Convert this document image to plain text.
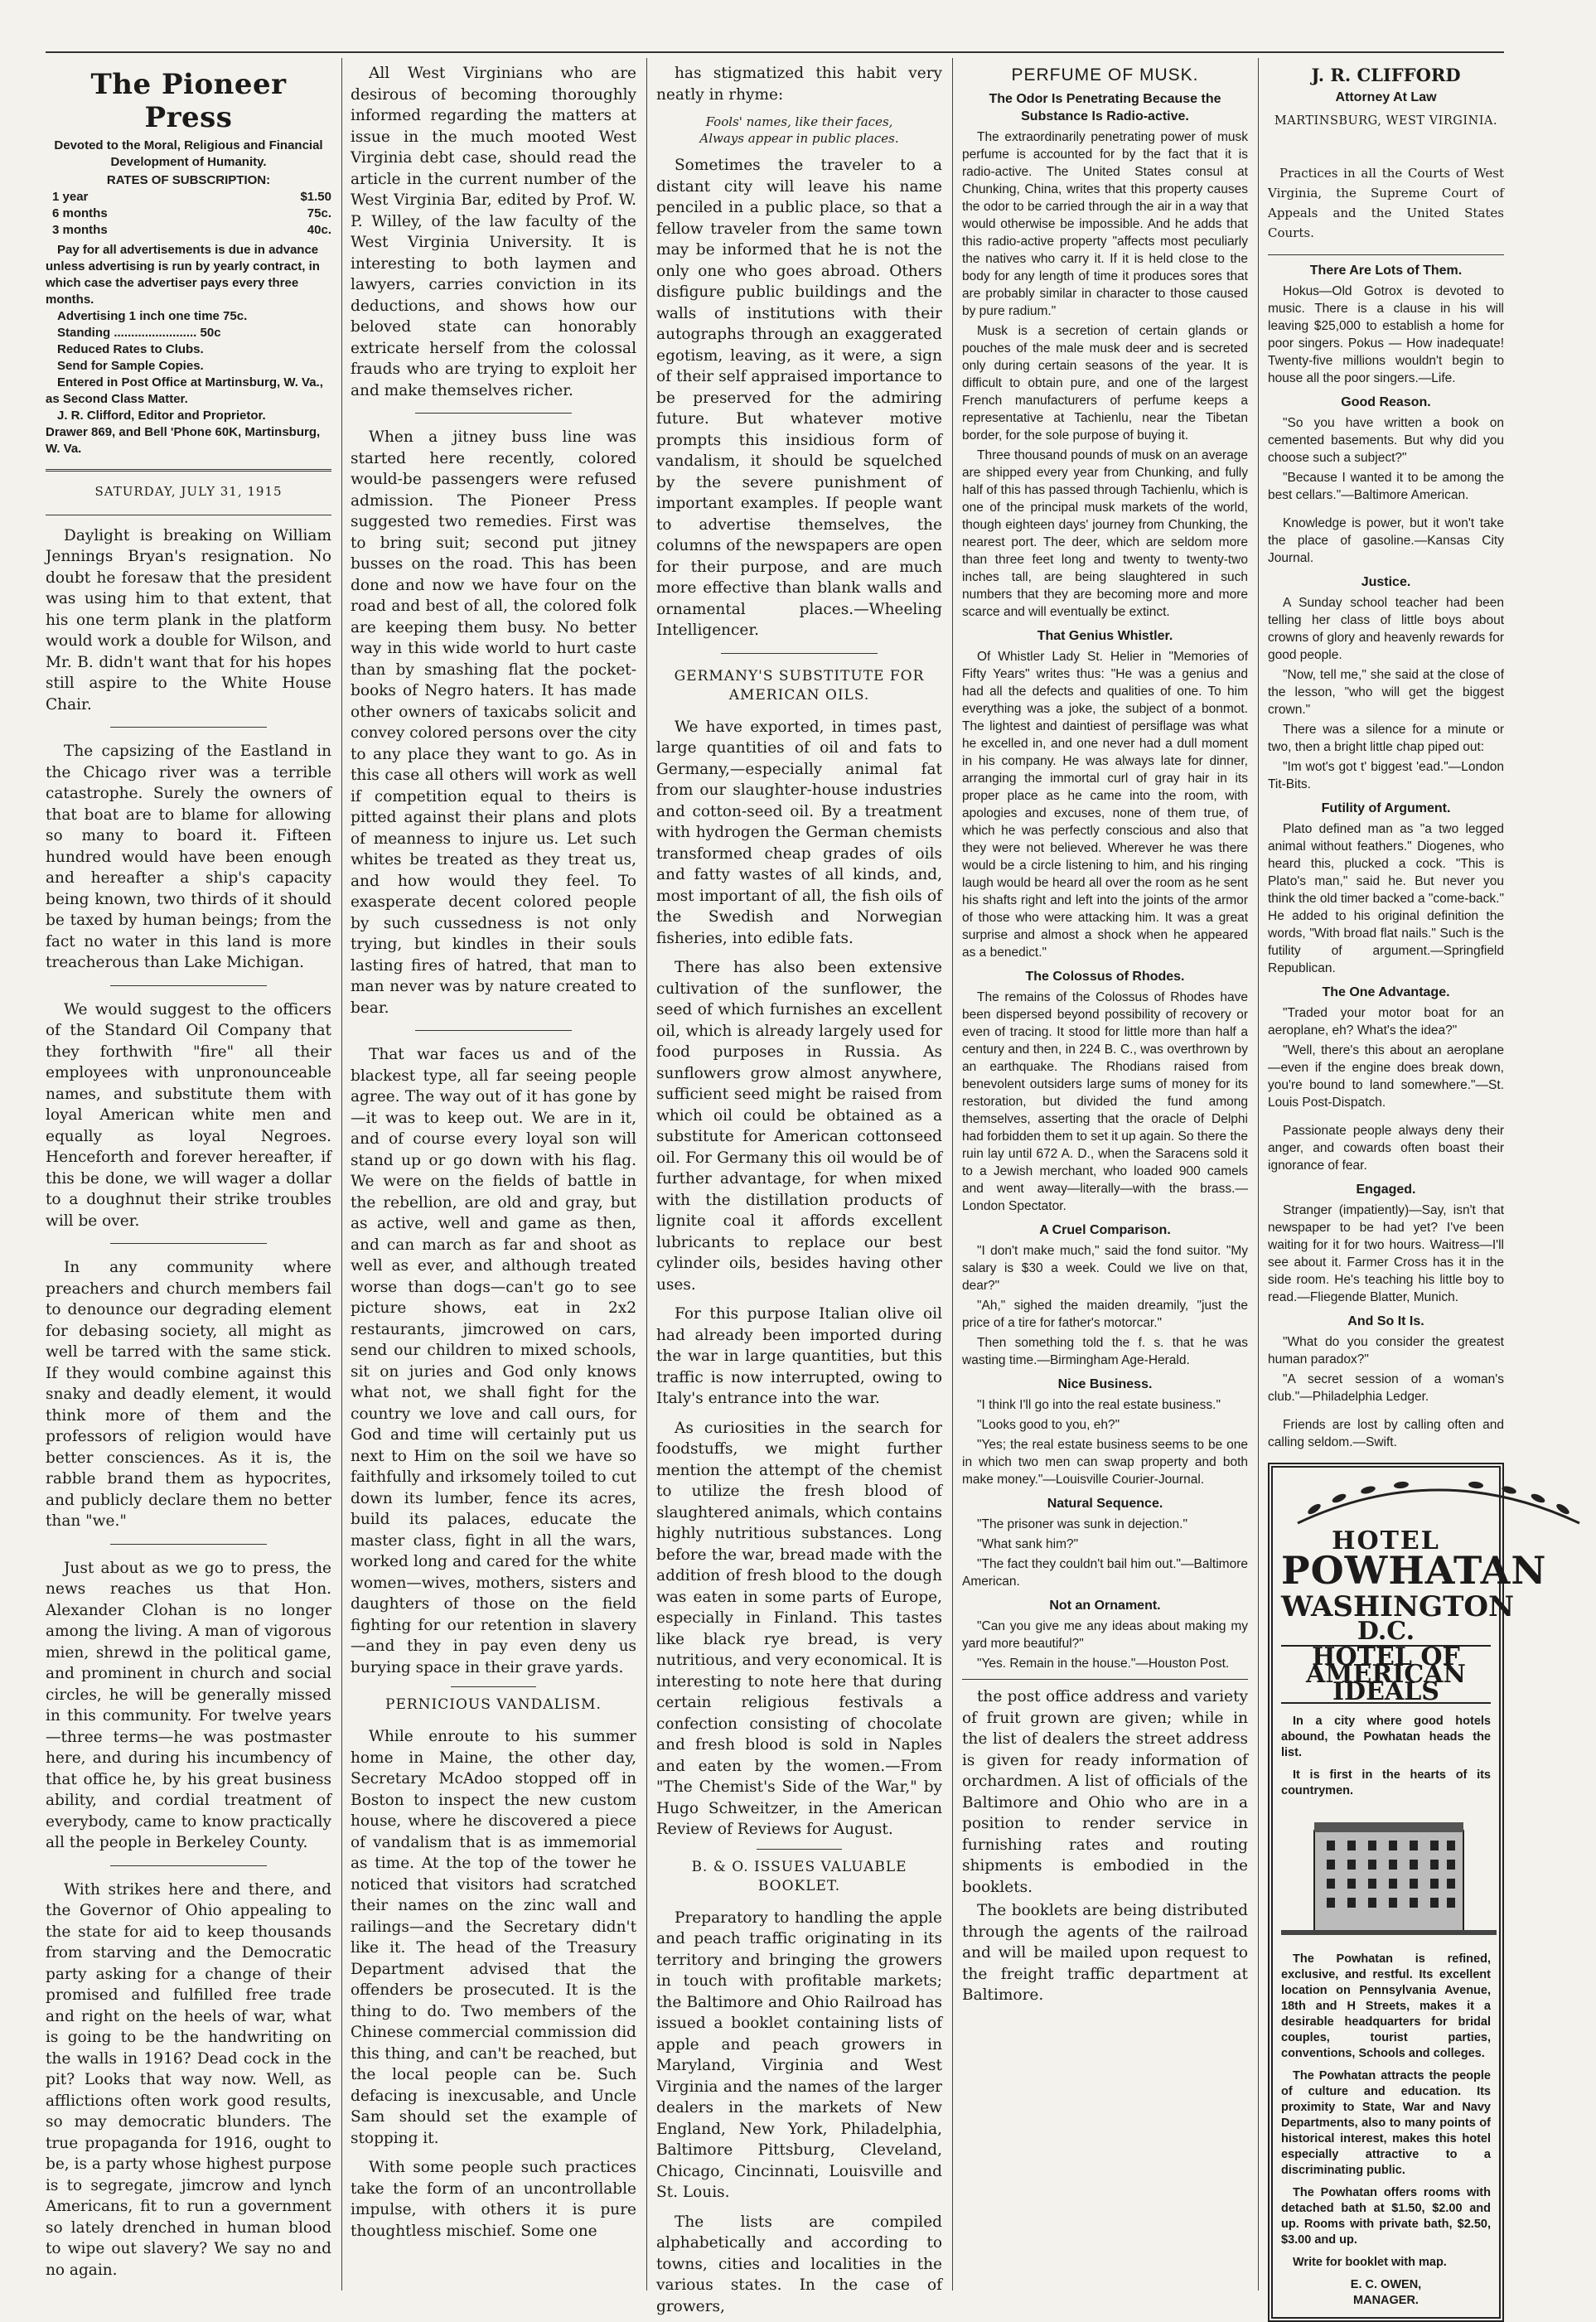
The Pioneer Press
Devoted to the Moral, Religious and Financial Development of Humanity.
RATES OF SUBSCRIPTION:
1 year	$1.50
6 months	75c.
3 months	40c.
Pay for all advertisements is due in advance unless advertising is run by yearly contract, in which case the advertiser pays every three months.
Advertising 1 inch one time 75c.
Standing ........................ 50c
Reduced Rates to Clubs.
Send for Sample Copies.
Entered in Post Office at Martinsburg, W. Va., as Second Class Matter.
J. R. Clifford, Editor and Proprietor.
Drawer 869, and Bell 'Phone 60K, Martinsburg, W. Va.
SATURDAY, JULY 31, 1915

Daylight is breaking on William Jennings Bryan's resignation. No doubt he foresaw that the president was using him to that extent, that his one term plank in the platform would work a double for Wilson, and Mr. B. didn't want that for his hopes still aspire to the White House Chair.

The capsizing of the Eastland in the Chicago river was a terrible catastrophe. Surely the owners of that boat are to blame for allowing so many to board it. Fifteen hundred would have been enough and hereafter a ship's capacity being known, two thirds of it should be taxed by human beings; from the fact no water in this land is more treacherous than Lake Michigan.

We would suggest to the officers of the Standard Oil Company that they forthwith "fire" all their employees with unpronounceable names, and substitute them with loyal American white men and equally as loyal Negroes. Henceforth and forever hereafter, if this be done, we will wager a dollar to a doughnut their strike troubles will be over.

In any community where preachers and church members fail to denounce our degrading element for debasing society, all might as well be tarred with the same stick. If they would combine against this snaky and deadly element, it would think more of them and the professors of religion would have better consciences. As it is, the rabble brand them as hypocrites, and publicly declare them no better than "we."

Just about as we go to press, the news reaches us that Hon. Alexander Clohan is no longer among the living. A man of vigorous mien, shrewd in the political game, and prominent in church and social circles, he will be generally missed in this community. For twelve years—three terms—he was postmaster here, and during his incumbency of that office he, by his great business ability, and cordial treatment of everybody, came to know practically all the people in Berkeley County.

With strikes here and there, and the Governor of Ohio appealing to the state for aid to keep thousands from starving and the Democratic party asking for a change of their promised and fulfilled free trade and right on the heels of war, what is going to be the handwriting on the walls in 1916? Dead cock in the pit? Looks that way now. Well, as afflictions often work good results, so may democratic blunders. The true propaganda for 1916, ought to be, is a party whose highest purpose is to segregate, jimcrow and lynch Americans, fit to run a government so lately drenched in human blood to wipe out slavery? We say no and no again.

All West Virginians who are desirous of becoming thoroughly informed regarding the matters at issue in the much mooted West Virginia debt case, should read the article in the current number of the West Virginia Bar, edited by Prof. W. P. Willey, of the law faculty of the West Virginia University. It is interesting to both laymen and lawyers, carries conviction in its deductions, and shows how our beloved state can honorably extricate herself from the colossal frauds who are trying to exploit her and make themselves richer.

When a jitney buss line was started here recently, colored would-be passengers were refused admission. The Pioneer Press suggested two remedies. First was to bring suit; second put jitney busses on the road. This has been done and now we have four on the road and best of all, the colored folk are keeping them busy. No better way in this wide world to hurt caste than by smashing flat the pocket-books of Negro haters. It has made other owners of taxicabs solicit and convey colored persons over the city to any place they want to go. As in this case all others will work as well if competition equal to theirs is pitted against their plans and plots of meanness to injure us. Let such whites be treated as they treat us, and how would they feel. To exasperate decent colored people by such cussedness is not only trying, but kindles in their souls lasting fires of hatred, that man to man never was by nature created to bear.

That war faces us and of the blackest type, all far seeing people agree. The way out of it has gone by—it was to keep out. We are in it, and of course every loyal son will stand up or go down with his flag. We were on the fields of battle in the rebellion, are old and gray, but as active, well and game as then, and can march as far and shoot as well as ever, and although treated worse than dogs—can't go to see picture shows, eat in 2x2 restaurants, jimcrowed on cars, send our children to mixed schools, sit on juries and God only knows what not, we shall fight for the country we love and call ours, for God and time will certainly put us next to Him on the soil we have so faithfully and irksomely toiled to cut down its lumber, fence its acres, build its palaces, educate the master class, fight in all the wars, worked long and cared for the white women—wives, mothers, sisters and daughters of those on the field fighting for our retention in slavery—and they in pay even deny us burying space in their grave yards.

PERNICIOUS VANDALISM.

While enroute to his summer home in Maine, the other day, Secretary McAdoo stopped off in Boston to inspect the new custom house, where he discovered a piece of vandalism that is as immemorial as time. At the top of the tower he noticed that visitors had scratched their names on the zinc wall and railings—and the Secretary didn't like it. The head of the Treasury Department advised that the offenders be prosecuted. It is the thing to do. Two members of the Chinese commercial commission did this thing, and can't be reached, but the local people can be. Such defacing is inexcusable, and Uncle Sam should set the example of stopping it.

With some people such practices take the form of an uncontrollable impulse, with others it is pure thoughtless mischief. Some one

has stigmatized this habit very neatly in rhyme:

Fools' names, like their faces,
Always appear in public places.

Sometimes the traveler to a distant city will leave his name penciled in a public place, so that a fellow traveler from the same town may be informed that he is not the only one who goes abroad. Others disfigure public buildings and the walls of institutions with their autographs through an exaggerated egotism, leaving, as it were, a sign of their self appraised importance to be preserved for the admiring future. But whatever motive prompts this insidious form of vandalism, it should be squelched by the severe punishment of important examples. If people want to advertise themselves, the columns of the newspapers are open for their purpose, and are much more effective than blank walls and ornamental places.—Wheeling Intelligencer.

GERMANY'S SUBSTITUTE FOR AMERICAN OILS.

We have exported, in times past, large quantities of oil and fats to Germany,—especially animal fat from our slaughter-house industries and cotton-seed oil. By a treatment with hydrogen the German chemists transformed cheap grades of oils and fatty wastes of all kinds, and, most important of all, the fish oils of the Swedish and Norwegian fisheries, into edible fats.

There has also been extensive cultivation of the sunflower, the seed of which furnishes an excellent oil, which is already largely used for food purposes in Russia. As sunflowers grow almost anywhere, sufficient seed might be raised from which oil could be obtained as a substitute for American cottonseed oil. For Germany this oil would be of further advantage, for when mixed with the distillation products of lignite coal it affords excellent lubricants to replace our best cylinder oils, besides having other uses.

For this purpose Italian olive oil had already been imported during the war in large quantities, but this traffic is now interrupted, owing to Italy's entrance into the war.

As curiosities in the search for foodstuffs, we might further mention the attempt of the chemist to utilize the fresh blood of slaughtered animals, which contains highly nutritious substances. Long before the war, bread made with the addition of fresh blood to the dough was eaten in some parts of Europe, especially in Finland. This tastes like black rye bread, is very nutritious, and very economical. It is interesting to note here that during certain religious festivals a confection consisting of chocolate and fresh blood is sold in Naples and eaten by the women.—From "The Chemist's Side of the War," by Hugo Schweitzer, in the American Review of Reviews for August.

B. & O. ISSUES VALUABLE BOOKLET.

Preparatory to handling the apple and peach traffic originating in its territory and bringing the growers in touch with profitable markets; the Baltimore and Ohio Railroad has issued a booklet containing lists of apple and peach growers in Maryland, Virginia and West Virginia and the names of the larger dealers in the markets of New England, New York, Philadelphia, Baltimore Pittsburg, Cleveland, Chicago, Cincinnati, Louisville and St. Louis.

The lists are compiled alphabetically and according to towns, cities and localities in the various states. In the case of growers,

PERFUME OF MUSK.
The Odor Is Penetrating Because the Substance Is Radio-active.

The extraordinarily penetrating power of musk perfume is accounted for by the fact that it is radio-active. The United States consul at Chunking, China, writes that this property causes the odor to be carried through the air in a way that would otherwise be impossible. And he adds that this radio-active property "affects most peculiarly the natives who carry it. If it is held close to the body for any length of time it produces sores that are probably similar in character to those caused by pure radium."

Musk is a secretion of certain glands or pouches of the male musk deer and is secreted only during certain seasons of the year. It is difficult to obtain pure, and one of the largest French manufacturers of perfume keeps a representative at Tachienlu, near the Tibetan border, for the sole purpose of buying it.

Three thousand pounds of musk on an average are shipped every year from Chunking, and fully half of this has passed through Tachienlu, which is one of the principal musk markets of the world, though eighteen days' journey from Chunking, the nearest port. The deer, which are seldom more than three feet long and twenty to twenty-two inches tall, are being slaughtered in such numbers that they are becoming more and more scarce and will eventually be extinct.

That Genius Whistler.

Of Whistler Lady St. Helier in "Memories of Fifty Years" writes thus: "He was a genius and had all the defects and qualities of one. To him everything was a joke, the subject of a bonmot. The lightest and daintiest of persiflage was what he excelled in, and one never had a dull moment in his company. He was always late for dinner, arranging the immortal curl of gray hair in its proper place as he came into the room, with apologies and excuses, none of them true, of which he was perfectly conscious and also that they were not believed. Wherever he was there would be a circle listening to him, and his ringing laugh would be heard all over the room as he sent his shafts right and left into the joints of the armor of those who were attacking him. It was a great surprise and almost a shock when he appeared as a benedict."

The Colossus of Rhodes.

The remains of the Colossus of Rhodes have been dispersed beyond possibility of recovery or even of tracing. It stood for little more than half a century and then, in 224 B. C., was overthrown by an earthquake. The Rhodians raised from benevolent outsiders large sums of money for its restoration, but divided the fund among themselves, asserting that the oracle of Delphi had forbidden them to set it up again. So there the ruin lay until 672 A. D., when the Saracens sold it to a Jewish merchant, who loaded 900 camels and went away—literally—with the brass.—London Spectator.

A Cruel Comparison.

"I don't make much," said the fond suitor. "My salary is $30 a week. Could we live on that, dear?"

"Ah," sighed the maiden dreamily, "just the price of a tire for father's motorcar."

Then something told the f. s. that he was wasting time.—Birmingham Age-Herald.

Nice Business.

"I think I'll go into the real estate business."

"Looks good to you, eh?"

"Yes; the real estate business seems to be one in which two men can swap property and both make money."—Louisville Courier-Journal.

Natural Sequence.

"The prisoner was sunk in dejection."

"What sank him?"

"The fact they couldn't bail him out."—Baltimore American.

Not an Ornament.

"Can you give me any ideas about making my yard more beautiful?"

"Yes. Remain in the house."—Houston Post.

the post office address and variety of fruit grown are given; while in the list of dealers the street address is given for ready information of orchardmen. A list of officials of the Baltimore and Ohio who are in a position to render service in furnishing rates and routing shipments is embodied in the booklets.

The booklets are being distributed through the agents of the railroad and will be mailed upon request to the freight traffic department at Baltimore.

J. R. CLIFFORD
Attorney At Law
MARTINSBURG, WEST VIRGINIA.
Practices in all the Courts of West Virginia, the Supreme Court of Appeals and the United States Courts.
There Are Lots of Them.

Hokus—Old Gotrox is devoted to music. There is a clause in his will leaving $25,000 to establish a home for poor singers. Pokus — How inadequate! Twenty-five millions wouldn't begin to house all the poor singers.—Life.

Good Reason.

"So you have written a book on cemented basements. But why did you choose such a subject?"

"Because I wanted it to be among the best cellars."—Baltimore American.

Knowledge is power, but it won't take the place of gasoline.—Kansas City Journal.

Justice.

A Sunday school teacher had been telling her class of little boys about crowns of glory and heavenly rewards for good people.

"Now, tell me," she said at the close of the lesson, "who will get the biggest crown."

There was a silence for a minute or two, then a bright little chap piped out:

"Im wot's got t' biggest 'ead."—London Tit-Bits.

Futility of Argument.

Plato defined man as "a two legged animal without feathers." Diogenes, who heard this, plucked a cock. "This is Plato's man," said he. But never you think the old timer backed a "come-back." He added to his original definition the words, "With broad flat nails." Such is the futility of argument.—Springfield Republican.

The One Advantage.

"Traded your motor boat for an aeroplane, eh? What's the idea?"

"Well, there's this about an aeroplane—even if the engine does break down, you're bound to land somewhere."—St. Louis Post-Dispatch.

Passionate people always deny their anger, and cowards often boast their ignorance of fear.

Engaged.

Stranger (impatiently)—Say, isn't that newspaper to be had yet? I've been waiting for it for two hours. Waitress—I'll see about it. Farmer Cross has it in the side room. He's teaching his little boy to read.—Fliegende Blatter, Munich.

And So It Is.

"What do you consider the greatest human paradox?"

"A secret session of a woman's club."—Philadelphia Ledger.

Friends are lost by calling often and calling seldom.—Swift.

HOTEL
POWHATAN
WASHINGTON
D.C.
HOTEL OF AMERICAN IDEALS

In a city where good hotels abound, the Powhatan heads the list.

It is first in the hearts of its countrymen.

The Powhatan is refined, exclusive, and restful. Its excellent location on Pennsylvania Avenue, 18th and H Streets, makes it a desirable headquarters for bridal couples, tourist parties, conventions, Schools and colleges.

The Powhatan attracts the people of culture and education. Its proximity to State, War and Navy Departments, also to many points of historical interest, makes this hotel especially attractive to a discriminating public.

The Powhatan offers rooms with detached bath at $1.50, $2.00 and up. Rooms with private bath, $2.50, $3.00 and up.

Write for booklet with map.

E. C. OWEN,
MANAGER.
